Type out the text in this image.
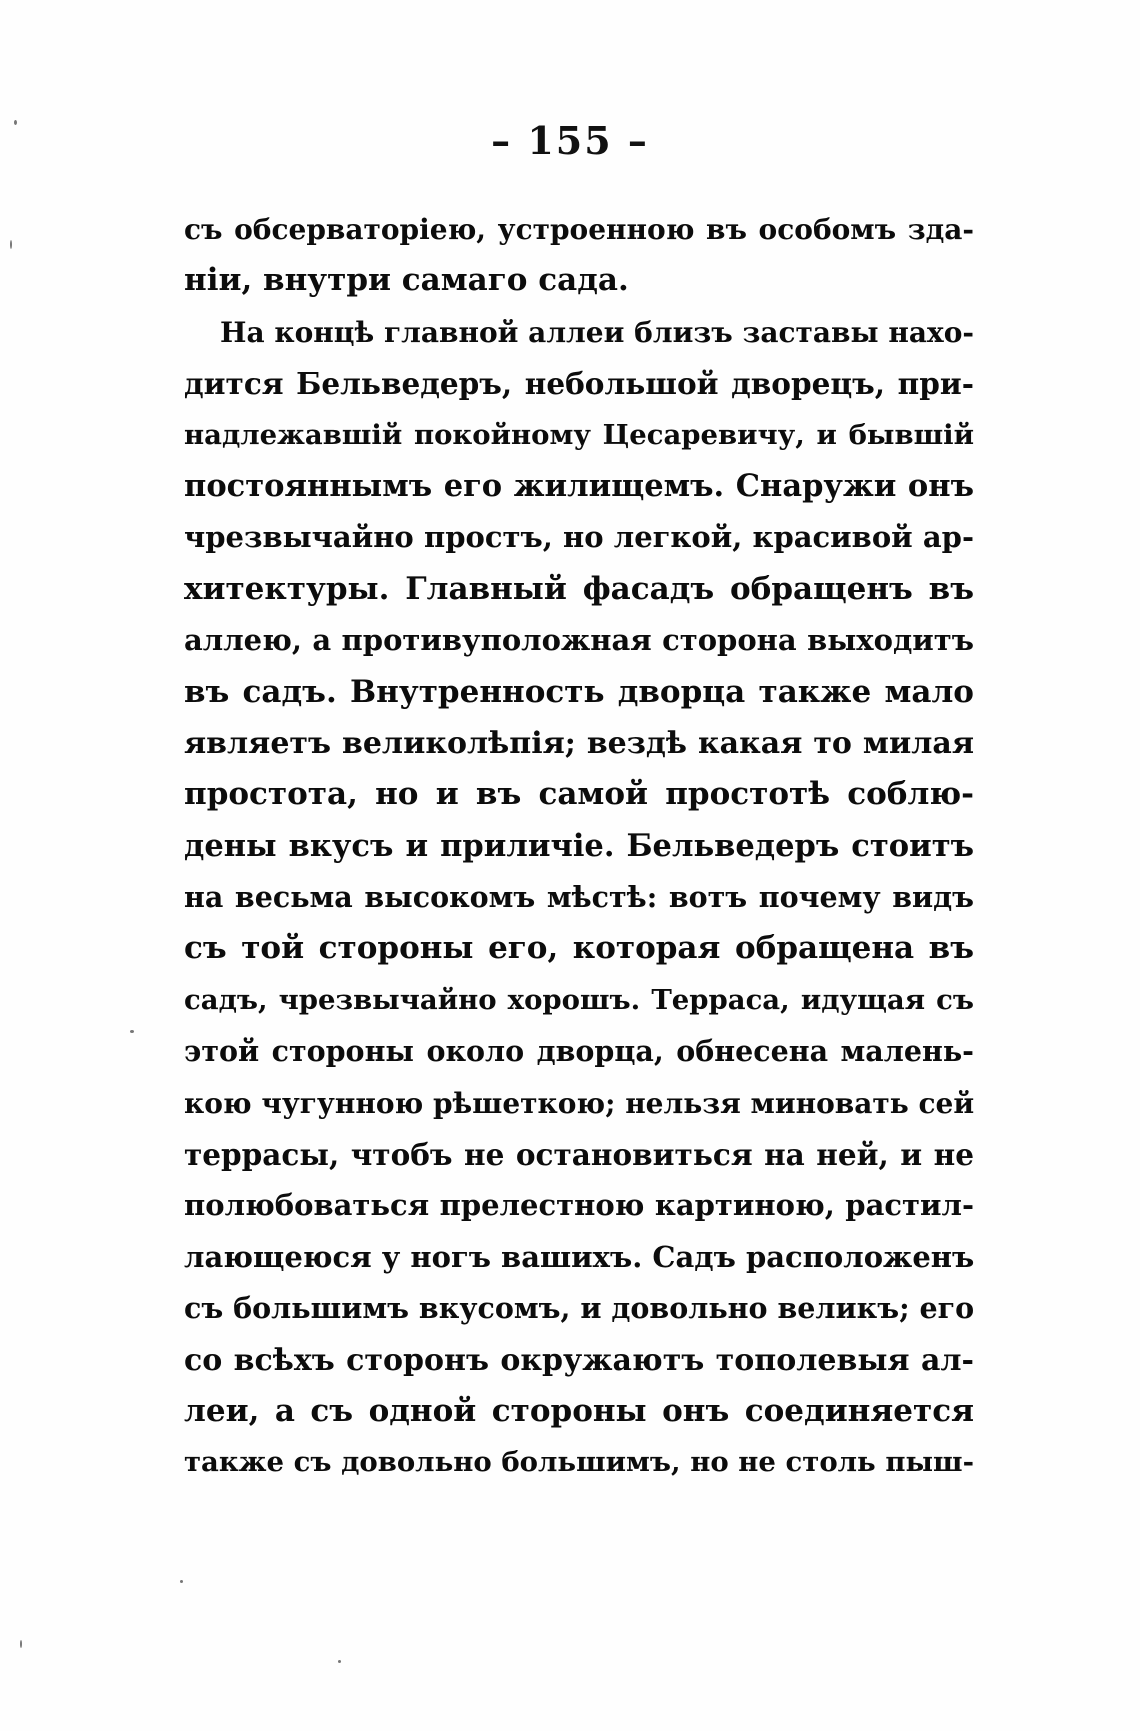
– 155 –
съ обсерваторіею, устроенною въ особомъ зда-
ніи, внутри самаго сада.
На концѣ главной аллеи близъ заставы нахо-
дится Бельведеръ, небольшой дворецъ, при-
надлежавшій покойному Цесаревичу, и бывшій
постояннымъ его жилищемъ. Снаружи онъ
чрезвычайно простъ, но легкой, красивой ар-
хитектуры. Главный фасадъ обращенъ въ
аллею, а противуположная сторона выходитъ
въ садъ. Внутренность дворца также мало
являетъ великолѣпія; вездѣ какая то милая
простота, но и въ самой простотѣ соблю-
дены вкусъ и приличіе. Бельведеръ стоитъ
на весьма высокомъ мѣстѣ: вотъ почему видъ
съ той стороны его, которая обращена въ
садъ, чрезвычайно хорошъ. Терраса, идущая съ
этой стороны около дворца, обнесена малень-
кою чугунною рѣшеткою; нельзя миновать сей
террасы, чтобъ не остановиться на ней, и не
полюбоваться прелестною картиною, растил-
лающеюся у ногъ вашихъ. Садъ расположенъ
съ большимъ вкусомъ, и довольно великъ; его
со всѣхъ сторонъ окружаютъ тополевыя ал-
леи, а съ одной стороны онъ соединяется
также съ довольно большимъ, но не столь пыш-
